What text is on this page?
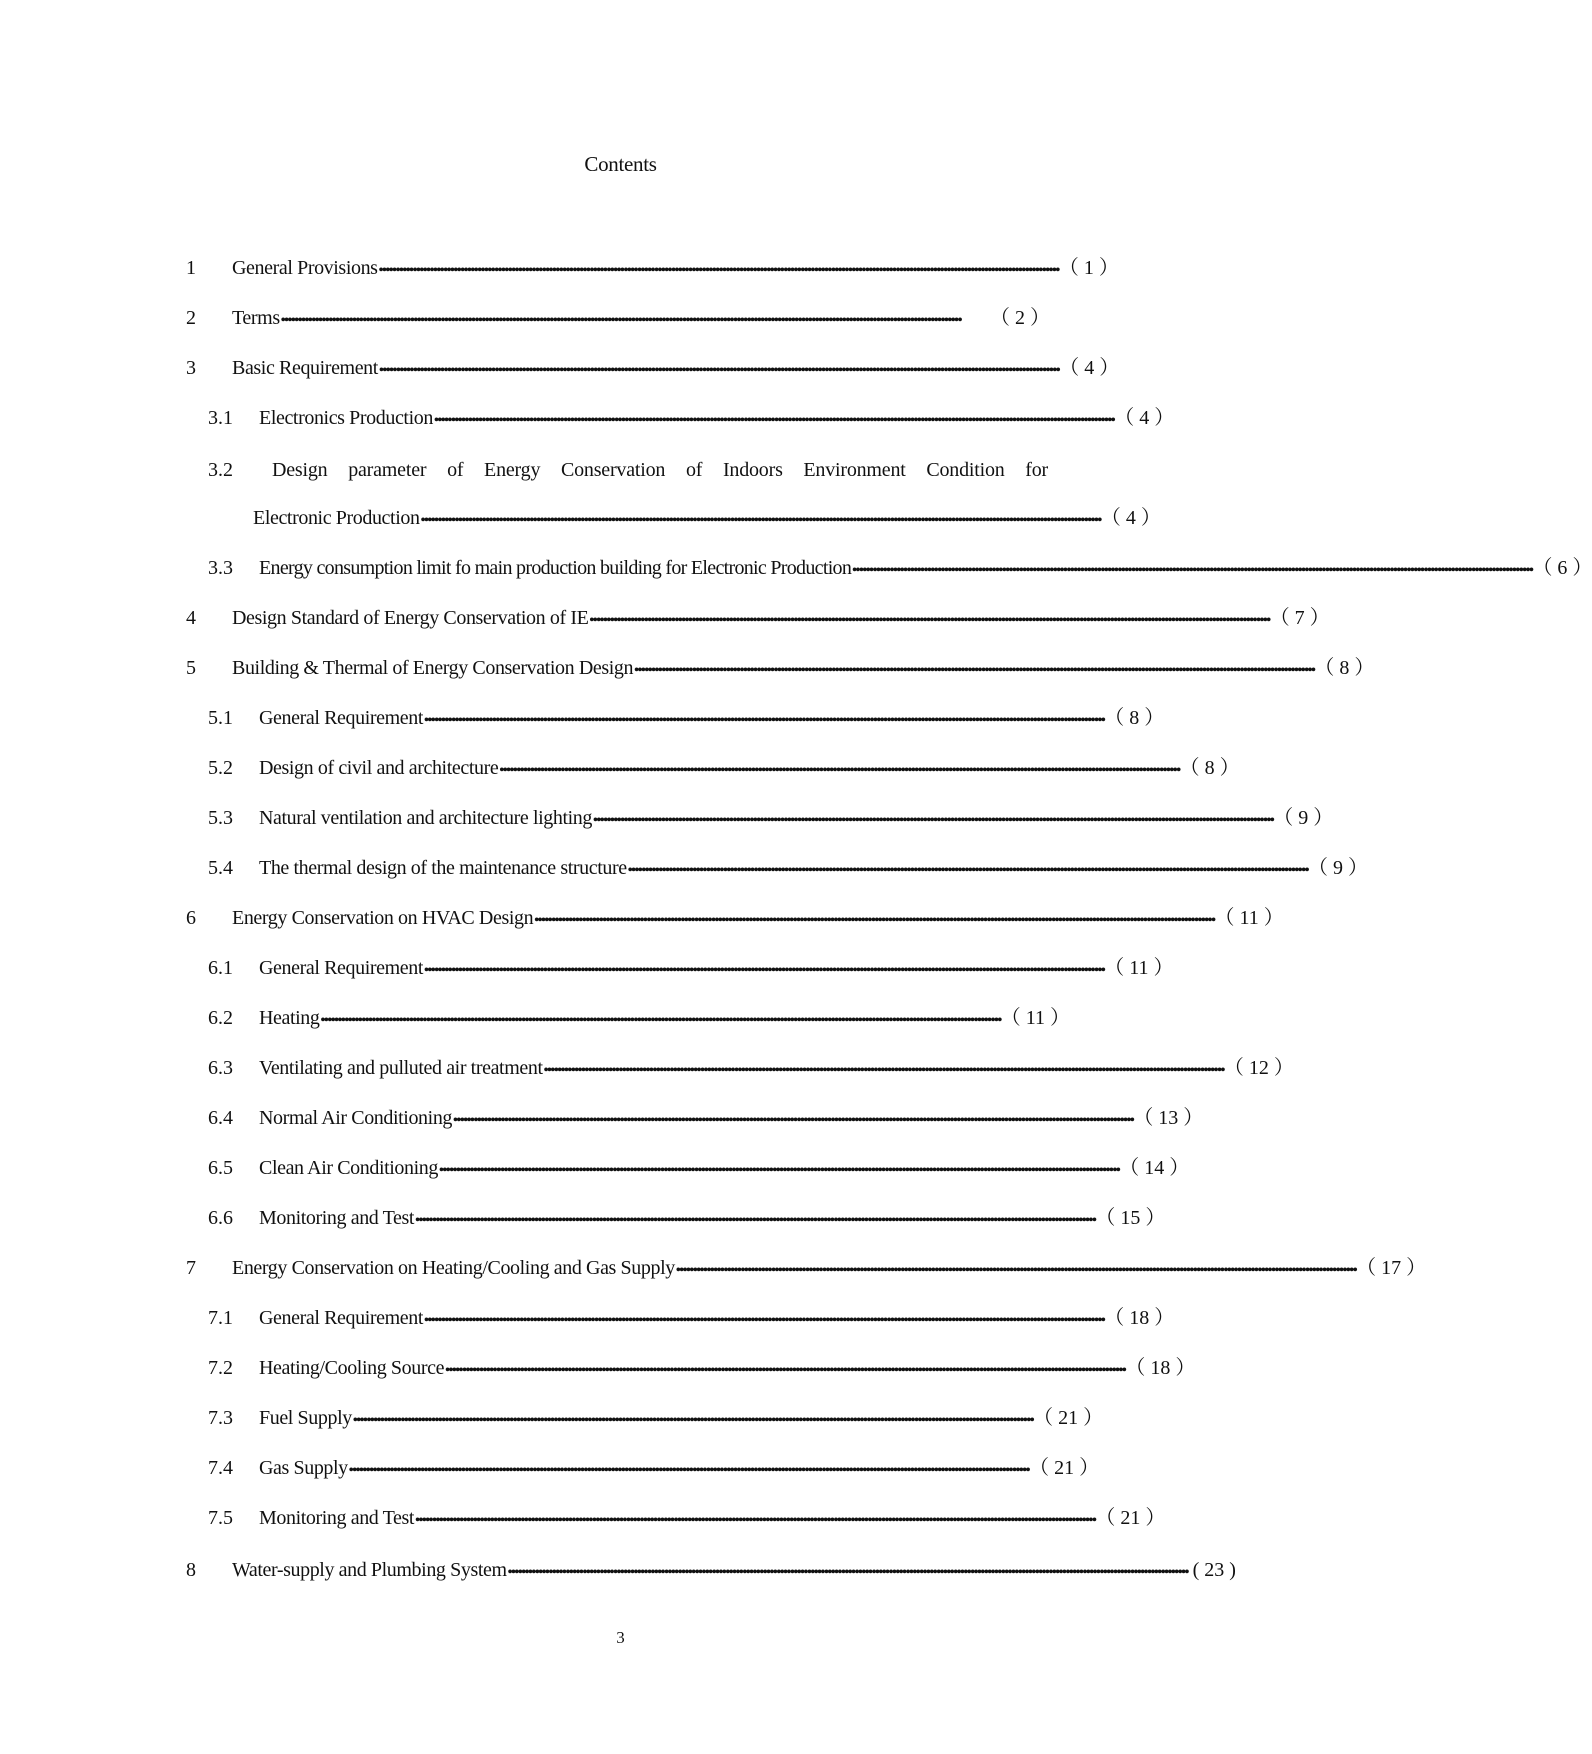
Contents
1 General Provisions •••••••••••••••••••••••••••••••••••••••••••••••••••••••••••••••••••••••••••••••••••••••••••••••••••••••••••••••••••••••••••••••••••••••••••••••••••••••••••••••••••••••••••••••••••••••••••••••••••••••• （ 1 ）
2 Terms ••••••••••••••••••••••••••••••••••••••••••••••••••••••••••••••••••••••••••••••••••••••••••••••••••••••••••••••••••••••••••••••••••••••••••••••••••••••••••••••••••••••••••••••••••••••••••••••••••••••••	（ 2 ）
3 Basic Requirement •••••••••••••••••••••••••••••••••••••••••••••••••••••••••••••••••••••••••••••••••••••••••••••••••••••••••••••••••••••••••••••••••••••••••••••••••••••••••••••••••••••••••••••••••••••••••••••••••••••••• （ 4 ）
3.1 Electronics Production •••••••••••••••••••••••••••••••••••••••••••••••••••••••••••••••••••••••••••••••••••••••••••••••••••••••••••••••••••••••••••••••••••••••••••••••••••••••••••••••••••••••••••••••••••••••••••••••••••••••• （ 4 ）
3.2 Design parameter of Energy Conservation of Indoors Environment Condition for
Electronic Production •••••••••••••••••••••••••••••••••••••••••••••••••••••••••••••••••••••••••••••••••••••••••••••••••••••••••••••••••••••••••••••••••••••••••••••••••••••••••••••••••••••••••••••••••••••••••••••••••••••••• （ 4 ）
3.3 Energy consumption limit fo main production building for Electronic Production •••••••••••••••••••••••••••••••••••••••••••••••••••••••••••••••••••••••••••••••••••••••••••••••••••••••••••••••••••••••••••••••••••••••••••••••••••••••••••••••••••••••••••••••••••••••••••••••••••••••• （ 6 ）
4 Design Standard of Energy Conservation of IE •••••••••••••••••••••••••••••••••••••••••••••••••••••••••••••••••••••••••••••••••••••••••••••••••••••••••••••••••••••••••••••••••••••••••••••••••••••••••••••••••••••••••••••••••••••••••••••••••••••••• （ 7 ）
5 Building & Thermal of Energy Conservation Design •••••••••••••••••••••••••••••••••••••••••••••••••••••••••••••••••••••••••••••••••••••••••••••••••••••••••••••••••••••••••••••••••••••••••••••••••••••••••••••••••••••••••••••••••••••••••••••••••••••••• （ 8 ）
5.1 General Requirement •••••••••••••••••••••••••••••••••••••••••••••••••••••••••••••••••••••••••••••••••••••••••••••••••••••••••••••••••••••••••••••••••••••••••••••••••••••••••••••••••••••••••••••••••••••••••••••••••••••••• （ 8 ）
5.2 Design of civil and architecture •••••••••••••••••••••••••••••••••••••••••••••••••••••••••••••••••••••••••••••••••••••••••••••••••••••••••••••••••••••••••••••••••••••••••••••••••••••••••••••••••••••••••••••••••••••••••••••••••••••••• （ 8 ）
5.3 Natural ventilation and architecture lighting •••••••••••••••••••••••••••••••••••••••••••••••••••••••••••••••••••••••••••••••••••••••••••••••••••••••••••••••••••••••••••••••••••••••••••••••••••••••••••••••••••••••••••••••••••••••••••••••••••••••• （ 9 ）
5.4 The thermal design of the maintenance structure •••••••••••••••••••••••••••••••••••••••••••••••••••••••••••••••••••••••••••••••••••••••••••••••••••••••••••••••••••••••••••••••••••••••••••••••••••••••••••••••••••••••••••••••••••••••••••••••••••••••• （ 9 ）
6 Energy Conservation on HVAC Design •••••••••••••••••••••••••••••••••••••••••••••••••••••••••••••••••••••••••••••••••••••••••••••••••••••••••••••••••••••••••••••••••••••••••••••••••••••••••••••••••••••••••••••••••••••••••••••••••••••••• （ 11 ）
6.1 General Requirement •••••••••••••••••••••••••••••••••••••••••••••••••••••••••••••••••••••••••••••••••••••••••••••••••••••••••••••••••••••••••••••••••••••••••••••••••••••••••••••••••••••••••••••••••••••••••••••••••••••••• （ 11 ）
6.2 Heating •••••••••••••••••••••••••••••••••••••••••••••••••••••••••••••••••••••••••••••••••••••••••••••••••••••••••••••••••••••••••••••••••••••••••••••••••••••••••••••••••••••••••••••••••••••••••••••••••••••••• （ 11 ）
6.3 Ventilating and pulluted air treatment •••••••••••••••••••••••••••••••••••••••••••••••••••••••••••••••••••••••••••••••••••••••••••••••••••••••••••••••••••••••••••••••••••••••••••••••••••••••••••••••••••••••••••••••••••••••••••••••••••••••• （ 12 ）
6.4 Normal Air Conditioning •••••••••••••••••••••••••••••••••••••••••••••••••••••••••••••••••••••••••••••••••••••••••••••••••••••••••••••••••••••••••••••••••••••••••••••••••••••••••••••••••••••••••••••••••••••••••••••••••••••••• （ 13 ）
6.5 Clean Air Conditioning •••••••••••••••••••••••••••••••••••••••••••••••••••••••••••••••••••••••••••••••••••••••••••••••••••••••••••••••••••••••••••••••••••••••••••••••••••••••••••••••••••••••••••••••••••••••••••••••••••••••• （ 14 ）
6.6 Monitoring and Test •••••••••••••••••••••••••••••••••••••••••••••••••••••••••••••••••••••••••••••••••••••••••••••••••••••••••••••••••••••••••••••••••••••••••••••••••••••••••••••••••••••••••••••••••••••••••••••••••••••••• （ 15 ）
7 Energy Conservation on Heating/Cooling and Gas Supply •••••••••••••••••••••••••••••••••••••••••••••••••••••••••••••••••••••••••••••••••••••••••••••••••••••••••••••••••••••••••••••••••••••••••••••••••••••••••••••••••••••••••••••••••••••••••••••••••••••••• （ 17 ）
7.1 General Requirement •••••••••••••••••••••••••••••••••••••••••••••••••••••••••••••••••••••••••••••••••••••••••••••••••••••••••••••••••••••••••••••••••••••••••••••••••••••••••••••••••••••••••••••••••••••••••••••••••••••••• （ 18 ）
7.2 Heating/Cooling Source •••••••••••••••••••••••••••••••••••••••••••••••••••••••••••••••••••••••••••••••••••••••••••••••••••••••••••••••••••••••••••••••••••••••••••••••••••••••••••••••••••••••••••••••••••••••••••••••••••••••• （ 18 ）
7.3 Fuel Supply •••••••••••••••••••••••••••••••••••••••••••••••••••••••••••••••••••••••••••••••••••••••••••••••••••••••••••••••••••••••••••••••••••••••••••••••••••••••••••••••••••••••••••••••••••••••••••••••••••••••• （ 21 ）
7.4 Gas Supply •••••••••••••••••••••••••••••••••••••••••••••••••••••••••••••••••••••••••••••••••••••••••••••••••••••••••••••••••••••••••••••••••••••••••••••••••••••••••••••••••••••••••••••••••••••••••••••••••••••••• （ 21 ）
7.5 Monitoring and Test •••••••••••••••••••••••••••••••••••••••••••••••••••••••••••••••••••••••••••••••••••••••••••••••••••••••••••••••••••••••••••••••••••••••••••••••••••••••••••••••••••••••••••••••••••••••••••••••••••••••• （ 21 ）
8 Water-supply and Plumbing System •••••••••••••••••••••••••••••••••••••••••••••••••••••••••••••••••••••••••••••••••••••••••••••••••••••••••••••••••••••••••••••••••••••••••••••••••••••••••••••••••••••••••••••••••••••••••••••••••••••••• ( 23 )
3
